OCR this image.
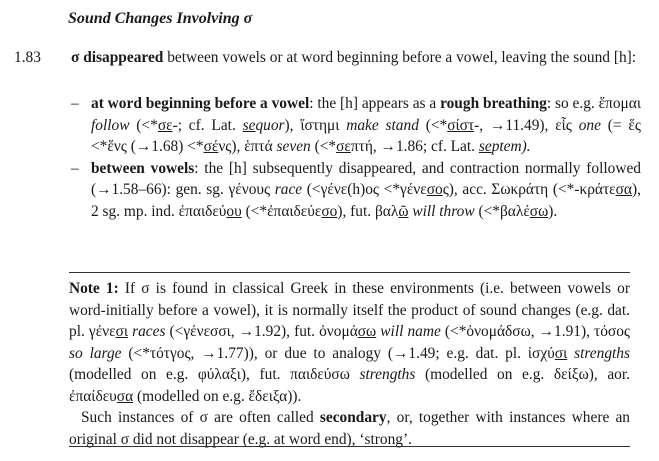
Sound Changes Involving σ
1.83 σ disappeared between vowels or at word beginning before a vowel, leaving the sound [h]:

– at word beginning before a vowel: the [h] appears as a rough breathing: so e.g. ἕπομαι follow (<*σε-; cf. Lat. sequor), ἵστημι make stand (<*σίστ-, →11.49), εἷς one (= ἕς <*ἕνς (→1.68) <*σένς), ἑπτά seven (<*σεπτή, →1.86; cf. Lat. septem).

– between vowels: the [h] subsequently disappeared, and contraction normally followed (→1.58–66): gen. sg. γένους race (<γένε(h)ος <*γένεσος), acc. Σωκράτη (<*-κράτεσα), 2 sg. mp. ind. ἐπαιδεύου (<*ἐπαιδεύεσο), fut. βαλῶ will throw (<*βαλέσω).

Note 1: If σ is found in classical Greek in these environments (i.e. between vowels or word-initially before a vowel), it is normally itself the product of sound changes (e.g. dat. pl. γένεσι races (<γένεσσι, →1.92), fut. ὀνομάσω will name (<*ὀνομάδσω, →1.91), τόσος so large (<*τότγος, →1.77)), or due to analogy (→1.49; e.g. dat. pl. ἰσχύσι strengths (modelled on e.g. φύλαξι), fut. παιδεύσω strengths (modelled on e.g. δείξω), aor. ἐπαίδευσα (modelled on e.g. ἔδειξα)).

Such instances of σ are often called secondary, or, together with instances where an original σ did not disappear (e.g. at word end), ‘strong’.
